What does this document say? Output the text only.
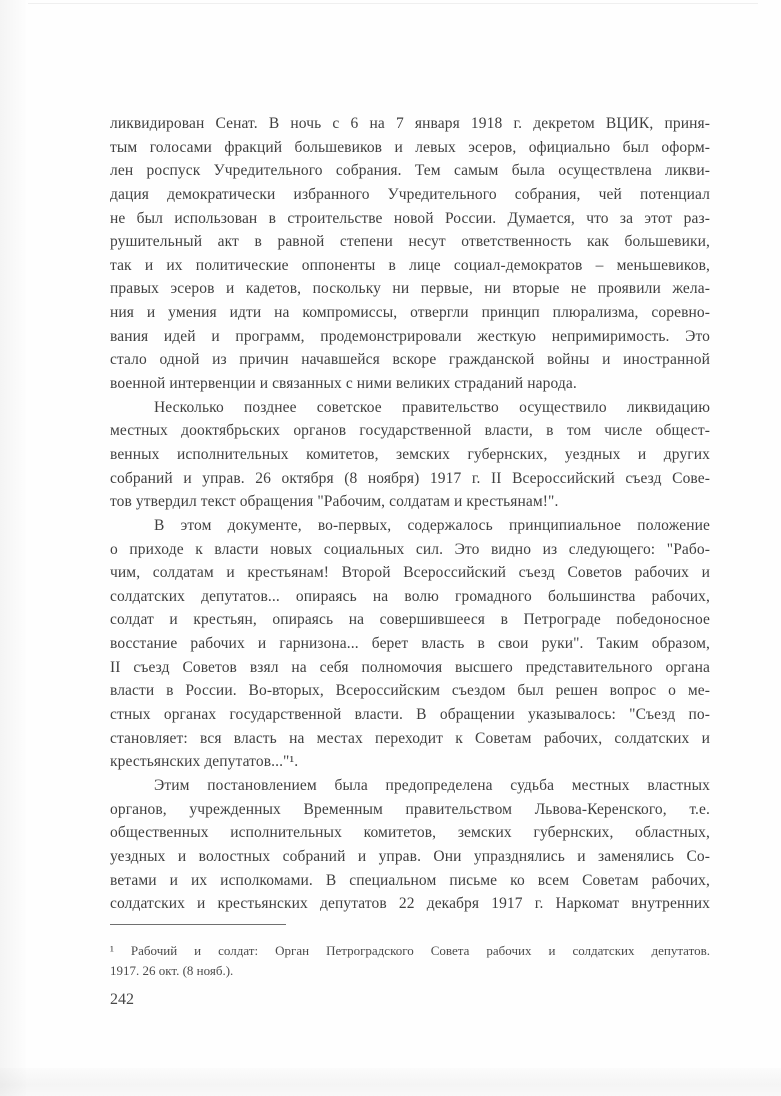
ликвидирован Сенат. В ночь с 6 на 7 января 1918 г. декретом ВЦИК, приня-
тым голосами фракций большевиков и левых эсеров, официально был оформ-
лен роспуск Учредительного собрания. Тем самым была осуществлена ликви-
дация демократически избранного Учредительного собрания, чей потенциал
не был использован в строительстве новой России. Думается, что за этот раз-
рушительный акт в равной степени несут ответственность как большевики,
так и их политические оппоненты в лице социал-демократов – меньшевиков,
правых эсеров и кадетов, поскольку ни первые, ни вторые не проявили жела-
ния и умения идти на компромиссы, отвергли принцип плюрализма, соревно-
вания идей и программ, продемонстрировали жесткую непримиримость. Это
стало одной из причин начавшейся вскоре гражданской войны и иностранной
военной интервенции и связанных с ними великих страданий народа.
Несколько позднее советское правительство осуществило ликвидацию
местных дооктябрьских органов государственной власти, в том числе общест-
венных исполнительных комитетов, земских губернских, уездных и других
собраний и управ. 26 октября (8 ноября) 1917 г. II Всероссийский съезд Сове-
тов утвердил текст обращения "Рабочим, солдатам и крестьянам!".
В этом документе, во-первых, содержалось принципиальное положение
о приходе к власти новых социальных сил. Это видно из следующего: "Рабо-
чим, солдатам и крестьянам! Второй Всероссийский съезд Советов рабочих и
солдатских депутатов... опираясь на волю громадного большинства рабочих,
солдат и крестьян, опираясь на совершившееся в Петрограде победоносное
восстание рабочих и гарнизона... берет власть в свои руки". Таким образом,
II съезд Советов взял на себя полномочия высшего представительного органа
власти в России. Во-вторых, Всероссийским съездом был решен вопрос о ме-
стных органах государственной власти. В обращении указывалось: "Съезд по-
становляет: вся власть на местах переходит к Советам рабочих, солдатских и
крестьянских депутатов..."¹.
Этим постановлением была предопределена судьба местных властных
органов, учрежденных Временным правительством Львова-Керенского, т.е.
общественных исполнительных комитетов, земских губернских, областных,
уездных и волостных собраний и управ. Они упразднялись и заменялись Со-
ветами и их исполкомами. В специальном письме ко всем Советам рабочих,
солдатских и крестьянских депутатов 22 декабря 1917 г. Наркомат внутренних
¹ Рабочий и солдат: Орган Петроградского Совета рабочих и солдатских депутатов.
1917. 26 окт. (8 нояб.).
242
